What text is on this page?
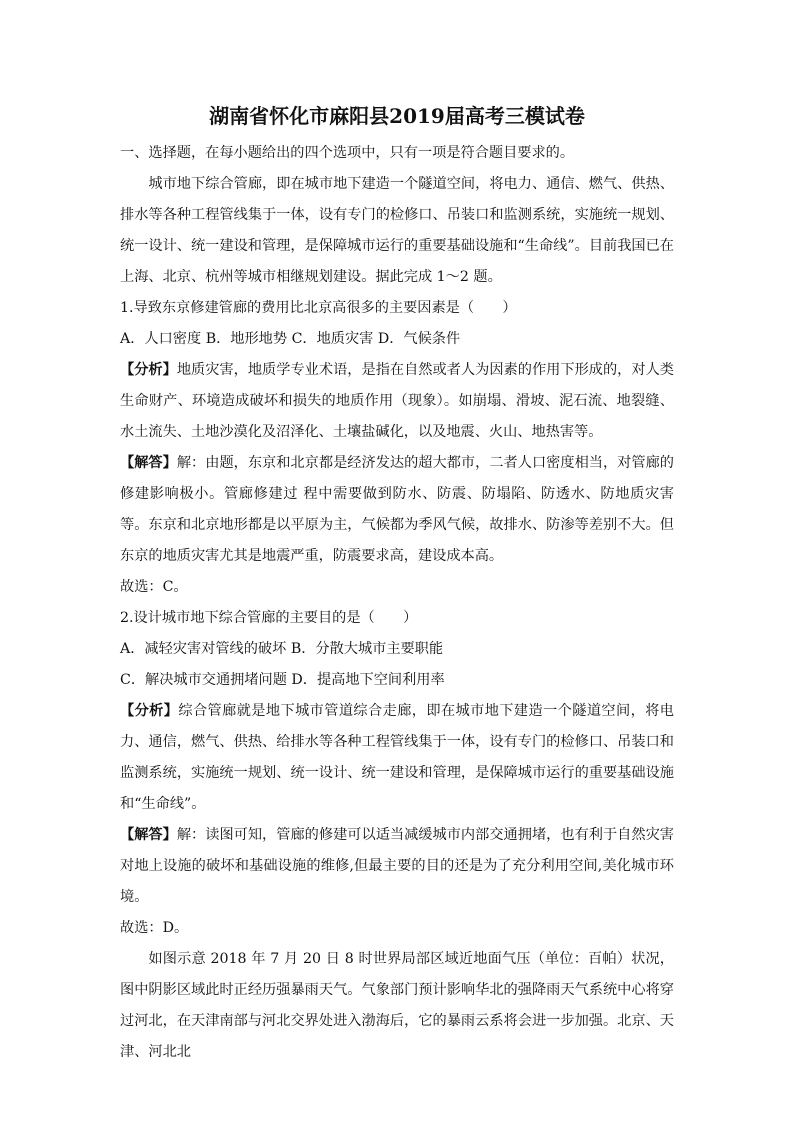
湖南省怀化市麻阳县2019届高考三模试卷

一、选择题，在每小题给出的四个选项中，只有一项是符合题目要求的。

城市地下综合管廊，即在城市地下建造一个隧道空间，将电力、通信、燃气、供热、排水等各种工程管线集于一体，设有专门的检修口、吊装口和监测系统，实施统一规划、统一设计、统一建设和管理，是保障城市运行的重要基础设施和“生命线”。目前我国已在上海、北京、杭州等城市相继规划建设。据此完成 1～2 题。

1.导致东京修建管廊的费用比北京高很多的主要因素是（　　）

A．人口密度 B．地形地势 C．地质灾害 D．气候条件

【分析】地质灾害，地质学专业术语，是指在自然或者人为因素的作用下形成的，对人类生命财产、环境造成破坏和损失的地质作用（现象）。如崩塌、滑坡、泥石流、地裂缝、水土流失、土地沙漠化及沼泽化、土壤盐碱化，以及地震、火山、地热害等。

【解答】解：由题，东京和北京都是经济发达的超大都市，二者人口密度相当，对管廊的修建影响极小。管廊修建过 程中需要做到防水、防震、防塌陷、防透水、防地质灾害等。东京和北京地形都是以平原为主，气候都为季风气候，故排水、防渗等差别不大。但东京的地质灾害尤其是地震严重，防震要求高，建设成本高。

故选：C。

2.设计城市地下综合管廊的主要目的是（　　）

A．减轻灾害对管线的破坏 B．分散大城市主要职能

C．解决城市交通拥堵问题 D．提高地下空间利用率

【分析】综合管廊就是地下城市管道综合走廊，即在城市地下建造一个隧道空间，将电力、通信，燃气、供热、给排水等各种工程管线集于一体，设有专门的检修口、吊装口和监测系统，实施统一规划、统一设计、统一建设和管理，是保障城市运行的重要基础设施和“生命线”。

【解答】解：读图可知，管廊的修建可以适当减缓城市内部交通拥堵，也有利于自然灾害对地上设施的破坏和基础设施的维修,但最主要的目的还是为了充分利用空间,美化城市环境。

故选：D。

如图示意 2018 年 7 月 20 日 8 时世界局部区域近地面气压（单位：百帕）状况，图中阴影区域此时正经历强暴雨天气。气象部门预计影响华北的强降雨天气系统中心将穿过河北，在天津南部与河北交界处进入渤海后，它的暴雨云系将会进一步加强。北京、天津、河北北
